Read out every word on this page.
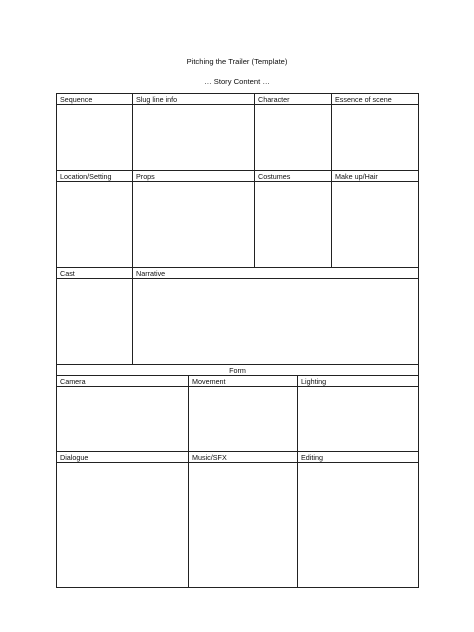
Pitching the Trailer (Template)
… Story Content …
Sequence	Slug line info	Character	Essence of scene
Location/Setting	Props	Costumes	Make up/Hair
Cast	Narrative
Form
Camera	Movement	Lighting
Dialogue	Music/SFX	Editing
